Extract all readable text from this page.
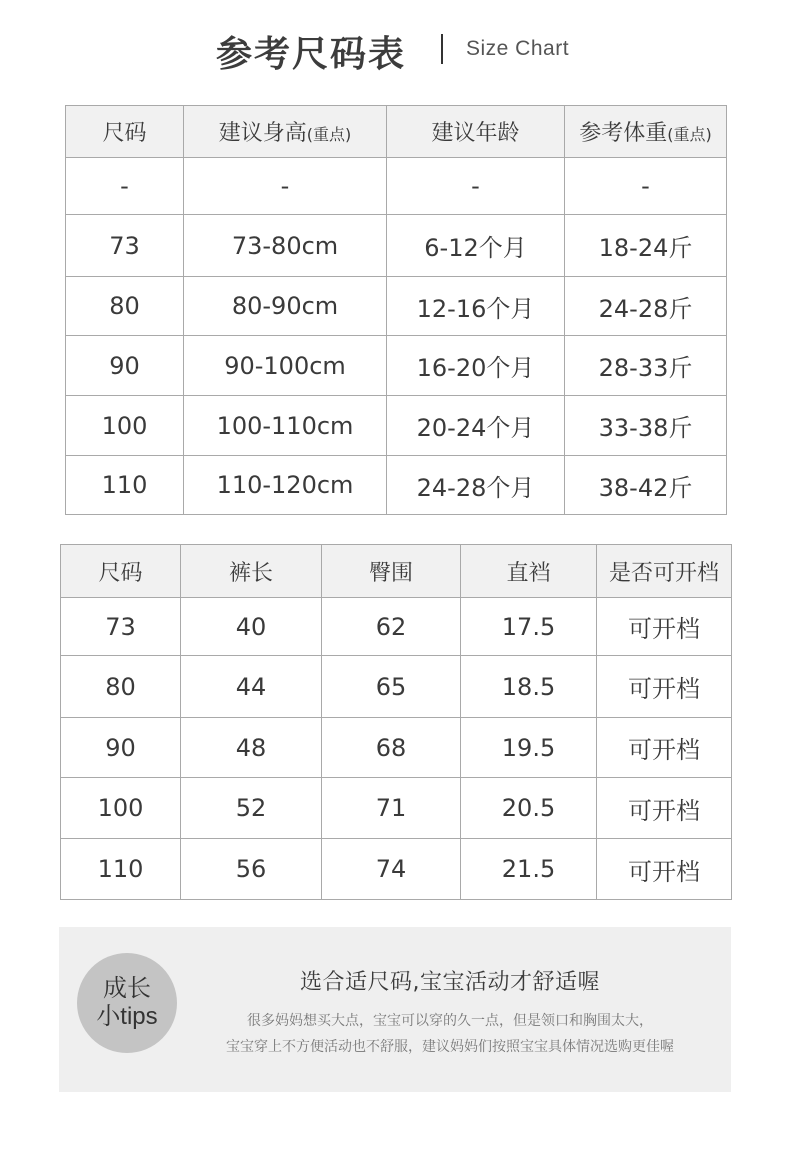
参考尺码表	Size Chart
尺码	建议身高(重点)	建议年龄	参考体重(重点)
-	-	-	-
73	73-80cm	6-12个月	18-24斤
80	80-90cm	12-16个月	24-28斤
90	90-100cm	16-20个月	28-33斤
100	100-110cm	20-24个月	33-38斤
110	110-120cm	24-28个月	38-42斤
尺码	裤长	臀围	直裆	是否可开档
73	40	62	17.5	可开档
80	44	65	18.5	可开档
90	48	68	19.5	可开档
100	52	71	20.5	可开档
110	56	74	21.5	可开档
成长
小tips
选合适尺码,宝宝活动才舒适喔
很多妈妈想买大点，宝宝可以穿的久一点，但是领口和胸围太大，
宝宝穿上不方便活动也不舒服，建议妈妈们按照宝宝具体情况选购更佳喔
